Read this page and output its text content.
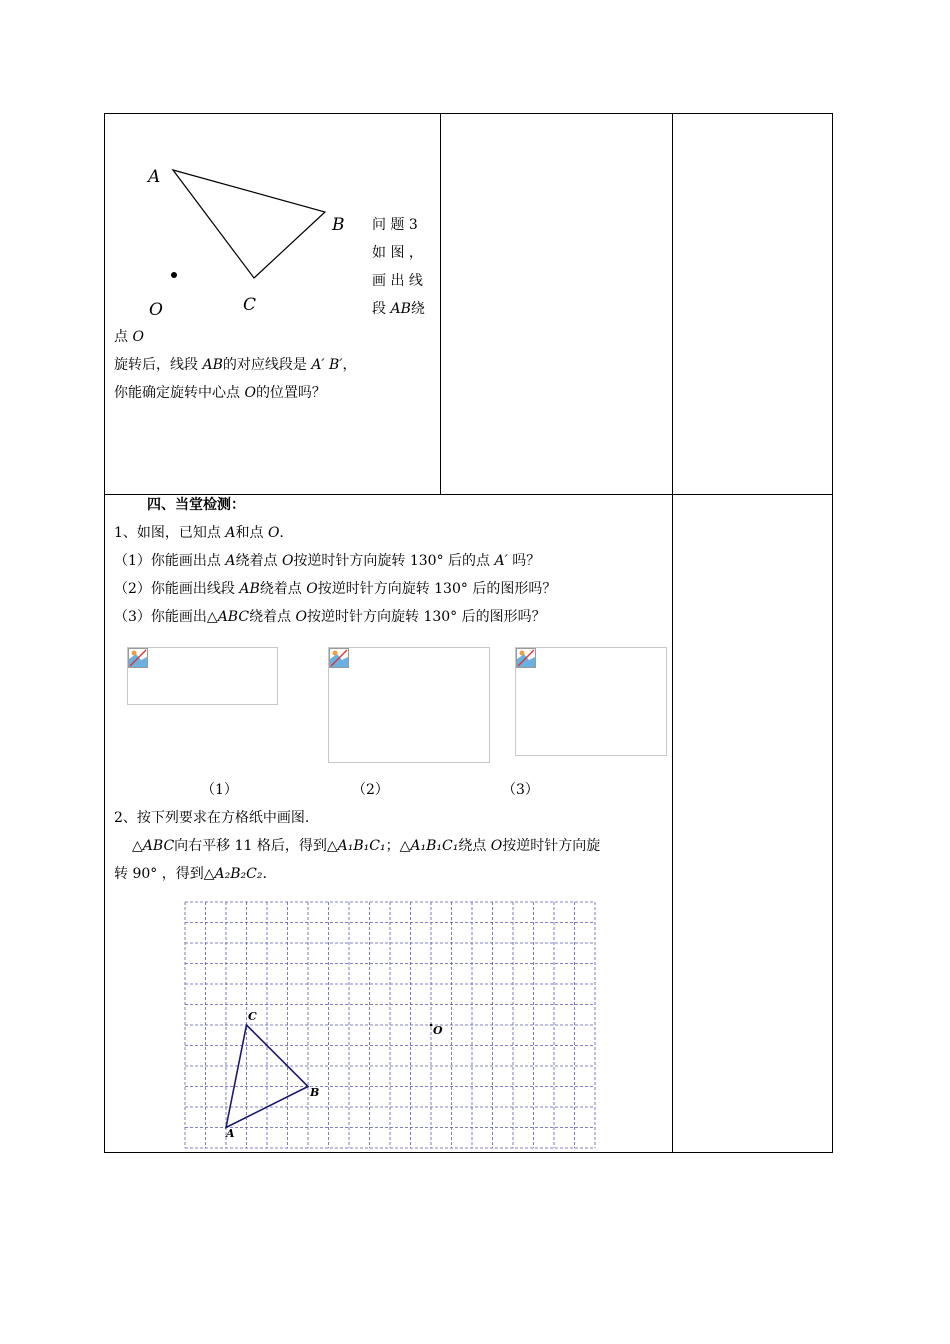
A
B
C
O
问 题 3
如 图 ，
画 出 线
段 AB绕
点 O
旋转后，线段 AB的对应线段是 A′ B′，
你能确定旋转中心点 O的位置吗？
四、当堂检测：
1、如图，已知点 A和点 O.
（1）你能画出点 A绕着点 O按逆时针方向旋转 130° 后的点 A′ 吗？
（2）你能画出线段 AB绕着点 O按逆时针方向旋转 130° 后的图形吗？
（3）你能画出△ABC绕着点 O按逆时针方向旋转 130° 后的图形吗？
（1）	（2）	（3）
2、按下列要求在方格纸中画图.
△ABC向右平移 11 格后，得到△A₁B₁C₁；△A₁B₁C₁绕点 O按逆时针方向旋
转 90° ，得到△A₂B₂C₂.
C
B
A
O
